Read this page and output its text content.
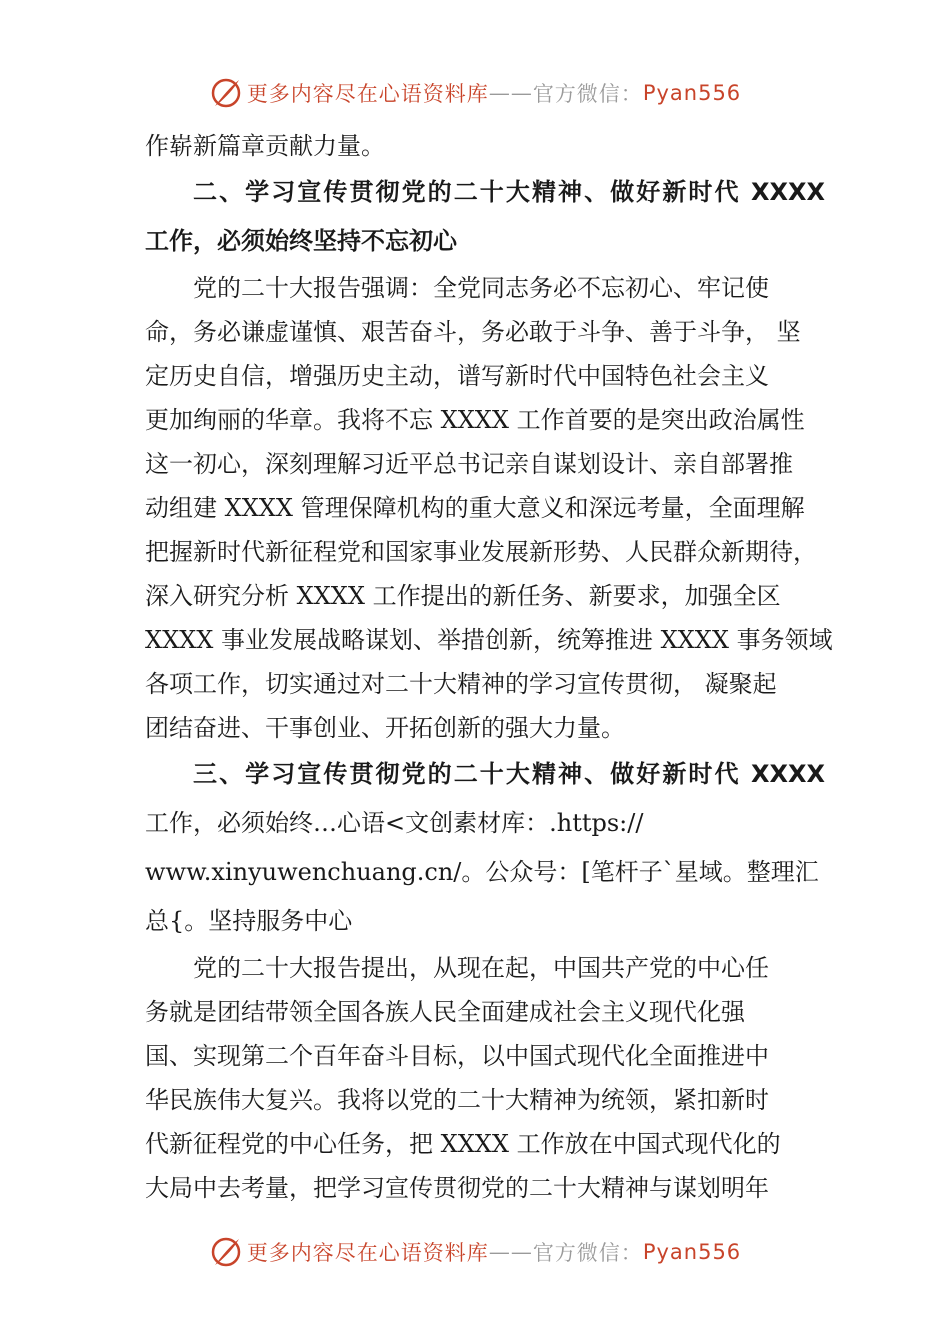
更多内容尽在心语资料库 —— 官方微信： Pyan556
作崭新篇章贡献力量。
二、学习宣传贯彻党的二十大精神、做好新时代 XXXX
工作，必须始终坚持不忘初心
党的二十大报告强调：全党同志务必不忘初心、牢记使
命，务必谦虚谨慎、艰苦奋斗，务必敢于斗争、善于斗争， 坚
定历史自信，增强历史主动，谱写新时代中国特色社会主义
更加绚丽的华章。我将不忘 XXXX 工作首要的是突出政治属性
这一初心，深刻理解习近平总书记亲自谋划设计、亲自部署推
动组建 XXXX 管理保障机构的重大意义和深远考量，全面理解
把握新时代新征程党和国家事业发展新形势、人民群众新期待，
深入研究分析 XXXX 工作提出的新任务、新要求，加强全区
XXXX 事业发展战略谋划、举措创新，统筹推进 XXXX 事务领域
各项工作，切实通过对二十大精神的学习宣传贯彻， 凝聚起
团结奋进、干事创业、开拓创新的强大力量。
三、学习宣传贯彻党的二十大精神、做好新时代 XXXX
工作，必须始终…心语<文创素材库：.https://
www.xinyuwenchuang.cn/。公众号：[笔杆子`星域。整理汇
总{。坚持服务中心
党的二十大报告提出，从现在起，中国共产党的中心任
务就是团结带领全国各族人民全面建成社会主义现代化强
国、实现第二个百年奋斗目标，以中国式现代化全面推进中
华民族伟大复兴。我将以党的二十大精神为统领，紧扣新时
代新征程党的中心任务，把 XXXX 工作放在中国式现代化的
大局中去考量，把学习宣传贯彻党的二十大精神与谋划明年
更多内容尽在心语资料库 —— 官方微信： Pyan556
